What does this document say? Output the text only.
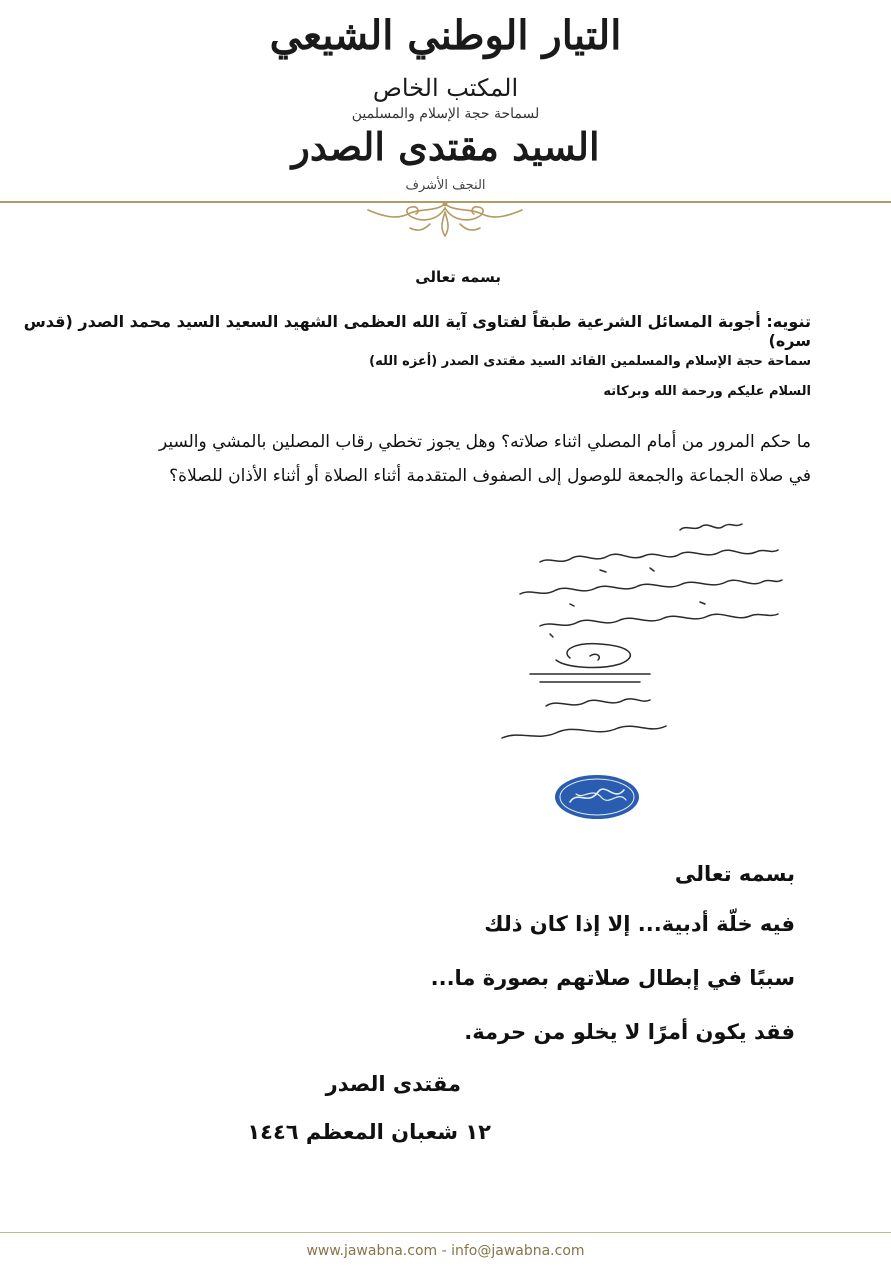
التيار الوطني الشيعي
المكتب الخاص
لسماحة حجة الإسلام والمسلمين
السيد مقتدى الصدر
النجف الأشرف
بسمه تعالى
تنويه: أجوبة المسائل الشرعية طبقاً لفتاوى آية الله العظمى الشهيد السعيد السيد محمد الصدر (قدس سره)
سماحة حجة الإسلام والمسلمين القائد السيد مقتدى الصدر (أعزه الله)
السلام عليكم ورحمة الله وبركاته
ما حكم المرور من أمام المصلي اثناء صلاته؟ وهل يجوز تخطي رقاب المصلين بالمشي والسير
في صلاة الجماعة والجمعة للوصول إلى الصفوف المتقدمة أثناء الصلاة أو أثناء الأذان للصلاة؟
بسمه تعالى
فيه خلّة أدبية... إلا إذا كان ذلك
سببًا في إبطال صلاتهم بصورة ما...
فقد يكون أمرًا لا يخلو من حرمة.
مقتدى الصدر
١٢ شعبان المعظم ١٤٤٦
www.jawabna.com - info@jawabna.com
